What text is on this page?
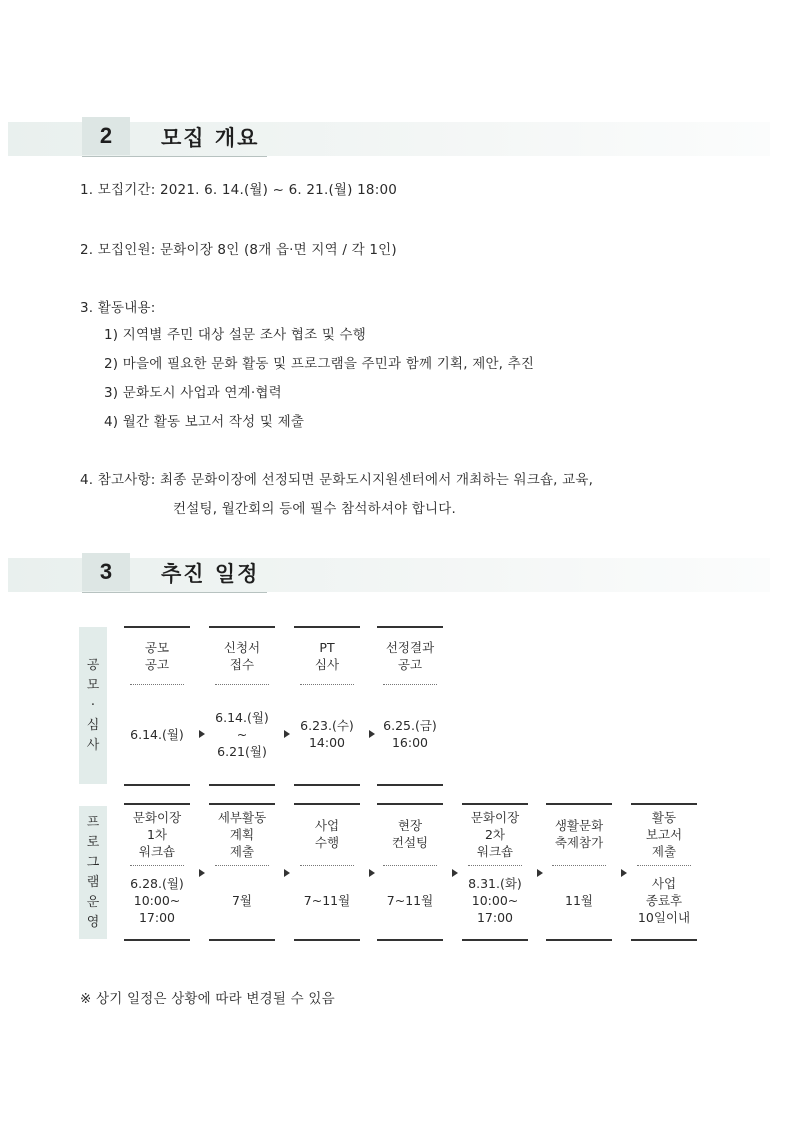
2	모집 개요
1. 모집기간: 2021. 6. 14.(월) ~ 6. 21.(월) 18:00
2. 모집인원: 문화이장 8인 (8개 읍·면 지역 / 각 1인)
3. 활동내용:
1) 지역별 주민 대상 설문 조사 협조 및 수행
2) 마을에 필요한 문화 활동 및 프로그램을 주민과 함께 기획, 제안, 추진
3) 문화도시 사업과 연계·협력
4) 월간 활동 보고서 작성 및 제출
4. 참고사항: 최종 문화이장에 선정되면 문화도시지원센터에서 개최하는 워크숍, 교육,
컨설팅, 월간회의 등에 필수 참석하셔야 합니다.
3	추진 일정
공
모
·
심
사
프
로
그
램
운
영
공모
공고
6.14.(월)
신청서
접수
6.14.(월)
~
6.21(월)
PT
심사
6.23.(수)
14:00
선정결과
공고
6.25.(금)
16:00
문화이장
1차
워크숍
6.28.(월)
10:00~
17:00
세부활동
계획
제출
7월
사업
수행
7~11월
현장
컨설팅
7~11월
문화이장
2차
워크숍
8.31.(화)
10:00~
17:00
생활문화
축제참가
11월
활동
보고서
제출
사업
종료후
10일이내
※ 상기 일정은 상황에 따라 변경될 수 있음
